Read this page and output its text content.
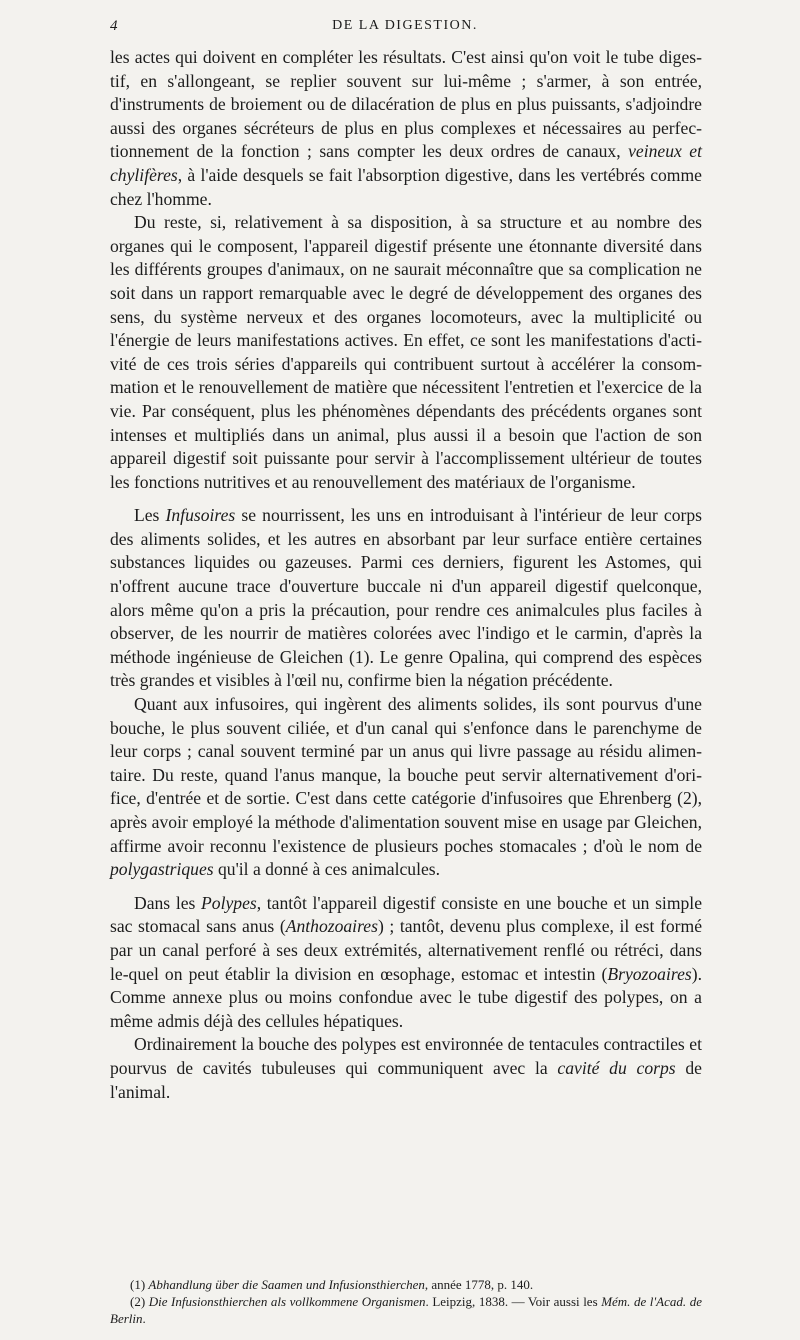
4	DE LA DIGESTION.

les actes qui doivent en compléter les résultats. C'est ainsi qu'on voit le tube diges-tif, en s'allongeant, se replier souvent sur lui-même ; s'armer, à son entrée, d'instruments de broiement ou de dilacération de plus en plus puissants, s'adjoindre aussi des organes sécréteurs de plus en plus complexes et nécessaires au perfec-tionnement de la fonction ; sans compter les deux ordres de canaux, veineux et chylifères, à l'aide desquels se fait l'absorption digestive, dans les vertébrés comme chez l'homme.

Du reste, si, relativement à sa disposition, à sa structure et au nombre des organes qui le composent, l'appareil digestif présente une étonnante diversité dans les différents groupes d'animaux, on ne saurait méconnaître que sa complication ne soit dans un rapport remarquable avec le degré de développement des organes des sens, du système nerveux et des organes locomoteurs, avec la multiplicité ou l'énergie de leurs manifestations actives. En effet, ce sont les manifestations d'acti-vité de ces trois séries d'appareils qui contribuent surtout à accélérer la consom-mation et le renouvellement de matière que nécessitent l'entretien et l'exercice de la vie. Par conséquent, plus les phénomènes dépendants des précédents organes sont intenses et multipliés dans un animal, plus aussi il a besoin que l'action de son appareil digestif soit puissante pour servir à l'accomplissement ultérieur de toutes les fonctions nutritives et au renouvellement des matériaux de l'organisme.

Les Infusoires se nourrissent, les uns en introduisant à l'intérieur de leur corps des aliments solides, et les autres en absorbant par leur surface entière certaines substances liquides ou gazeuses. Parmi ces derniers, figurent les Astomes, qui n'offrent aucune trace d'ouverture buccale ni d'un appareil digestif quelconque, alors même qu'on a pris la précaution, pour rendre ces animalcules plus faciles à observer, de les nourrir de matières colorées avec l'indigo et le carmin, d'après la méthode ingénieuse de Gleichen (1). Le genre Opalina, qui comprend des espèces très grandes et visibles à l'œil nu, confirme bien la négation précédente.

Quant aux infusoires, qui ingèrent des aliments solides, ils sont pourvus d'une bouche, le plus souvent ciliée, et d'un canal qui s'enfonce dans le parenchyme de leur corps ; canal souvent terminé par un anus qui livre passage au résidu alimen-taire. Du reste, quand l'anus manque, la bouche peut servir alternativement d'ori-fice, d'entrée et de sortie. C'est dans cette catégorie d'infusoires que Ehrenberg (2), après avoir employé la méthode d'alimentation souvent mise en usage par Gleichen, affirme avoir reconnu l'existence de plusieurs poches stomacales ; d'où le nom de polygastriques qu'il a donné à ces animalcules.

Dans les Polypes, tantôt l'appareil digestif consiste en une bouche et un simple sac stomacal sans anus (Anthozoaires) ; tantôt, devenu plus complexe, il est formé par un canal perforé à ses deux extrémités, alternativement renflé ou rétréci, dans le-quel on peut établir la division en œsophage, estomac et intestin (Bryozoaires). Comme annexe plus ou moins confondue avec le tube digestif des polypes, on a même admis déjà des cellules hépatiques.

Ordinairement la bouche des polypes est environnée de tentacules contractiles et pourvus de cavités tubuleuses qui communiquent avec la cavité du corps de l'animal.

(1) Abhandlung über die Saamen und Infusionsthierchen, année 1778, p. 140.

(2) Die Infusionsthierchen als vollkommene Organismen. Leipzig, 1838. — Voir aussi les Mém. de l'Acad. de Berlin.
